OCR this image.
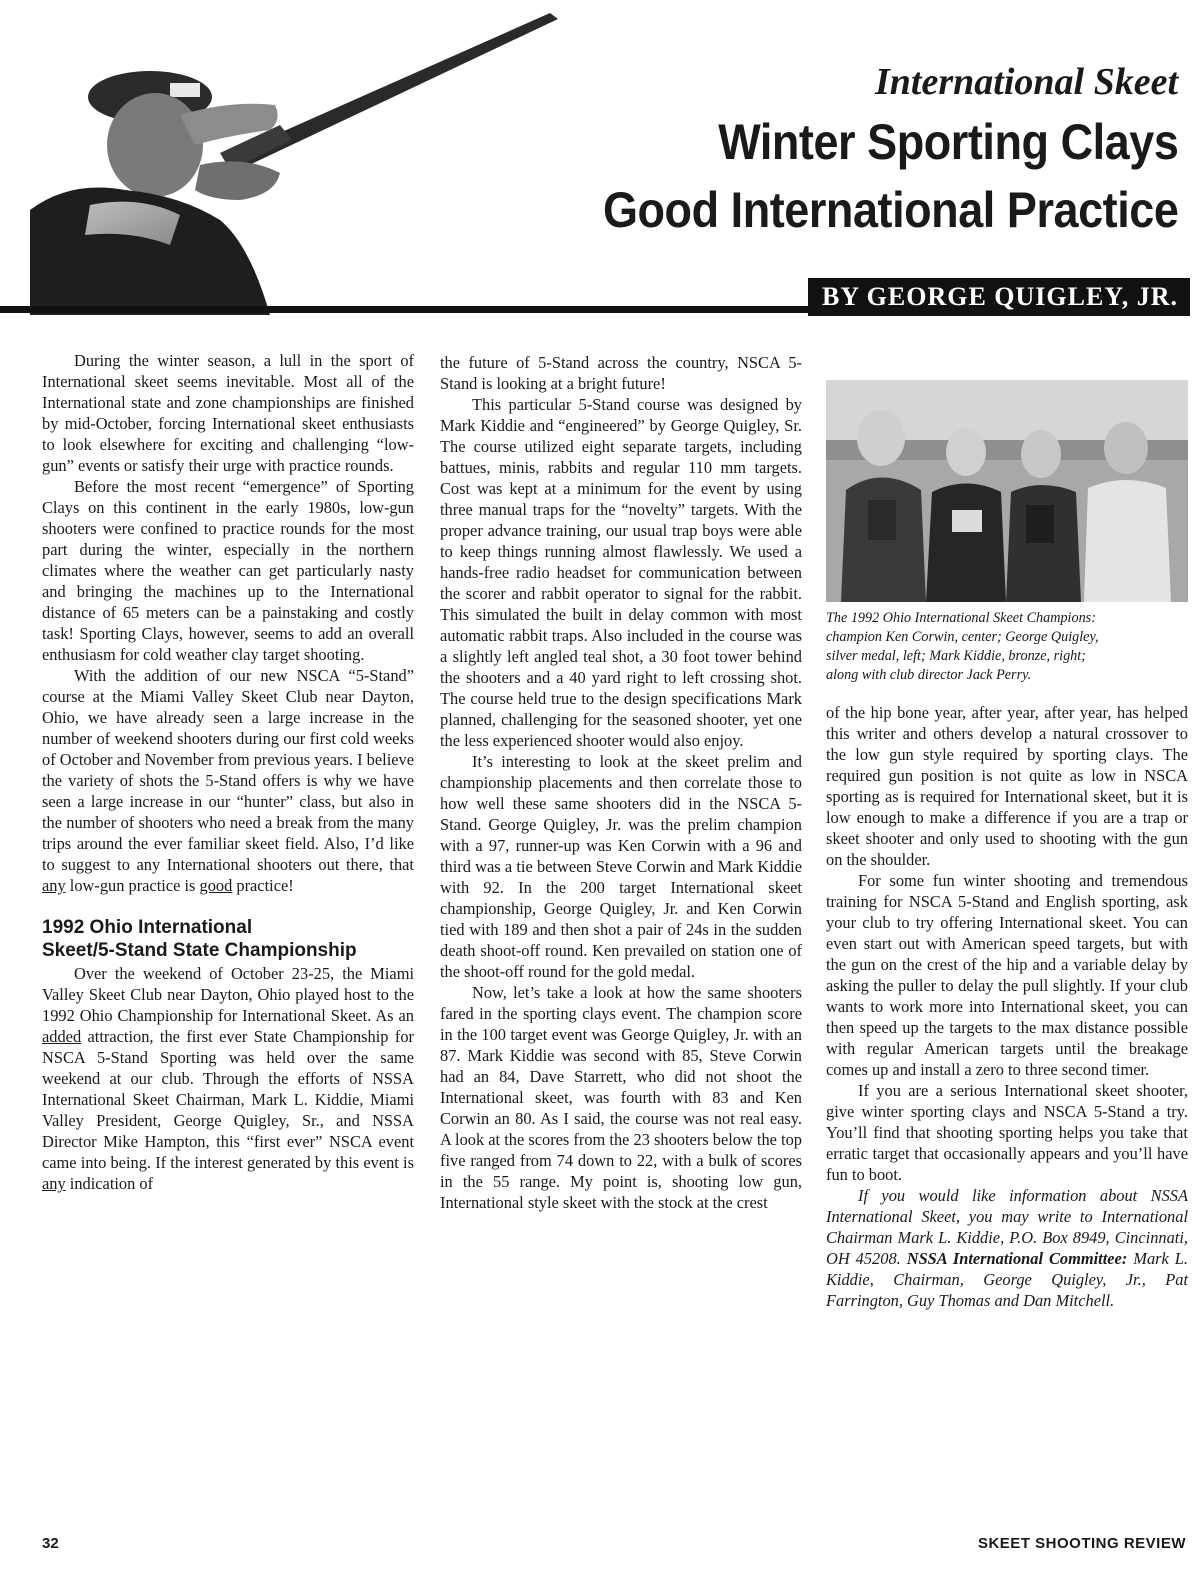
International Skeet

Winter Sporting Clays
Good International Practice
BY GEORGE QUIGLEY, JR.

During the winter season, a lull in the sport of International skeet seems inevitable. Most all of the International state and zone championships are finished by mid-October, forcing International skeet enthusiasts to look elsewhere for exciting and challenging “low-gun” events or satisfy their urge with practice rounds.

Before the most recent “emergence” of Sporting Clays on this continent in the early 1980s, low-gun shooters were confined to practice rounds for the most part during the winter, especially in the northern climates where the weather can get particularly nasty and bringing the machines up to the International distance of 65 meters can be a painstaking and costly task! Sporting Clays, however, seems to add an overall enthusiasm for cold weather clay target shooting.

With the addition of our new NSCA “5-Stand” course at the Miami Valley Skeet Club near Dayton, Ohio, we have already seen a large increase in the number of weekend shooters during our first cold weeks of October and November from previous years. I believe the variety of shots the 5-Stand offers is why we have seen a large increase in our “hunter” class, but also in the number of shooters who need a break from the many trips around the ever familiar skeet field. Also, I’d like to suggest to any International shooters out there, that any low-gun practice is good practice!

1992 Ohio International
Skeet/5-Stand State Championship

Over the weekend of October 23-25, the Miami Valley Skeet Club near Dayton, Ohio played host to the 1992 Ohio Championship for International Skeet. As an added attraction, the first ever State Championship for NSCA 5-Stand Sporting was held over the same weekend at our club. Through the efforts of NSSA International Skeet Chairman, Mark L. Kiddie, Miami Valley President, George Quigley, Sr., and NSSA Director Mike Hampton, this “first ever” NSCA event came into being. If the interest generated by this event is any indication of

the future of 5-Stand across the country, NSCA 5-Stand is looking at a bright future!

This particular 5-Stand course was designed by Mark Kiddie and “engineered” by George Quigley, Sr. The course utilized eight separate targets, including battues, minis, rabbits and regular 110 mm targets. Cost was kept at a minimum for the event by using three manual traps for the “novelty” targets. With the proper advance training, our usual trap boys were able to keep things running almost flawlessly. We used a hands-free radio headset for communication between the scorer and rabbit operator to signal for the rabbit. This simulated the built in delay common with most automatic rabbit traps. Also included in the course was a slightly left angled teal shot, a 30 foot tower behind the shooters and a 40 yard right to left crossing shot. The course held true to the design specifications Mark planned, challenging for the seasoned shooter, yet one the less experienced shooter would also enjoy.

It’s interesting to look at the skeet prelim and championship placements and then correlate those to how well these same shooters did in the NSCA 5-Stand. George Quigley, Jr. was the prelim champion with a 97, runner-up was Ken Corwin with a 96 and third was a tie between Steve Corwin and Mark Kiddie with 92. In the 200 target International skeet championship, George Quigley, Jr. and Ken Corwin tied with 189 and then shot a pair of 24s in the sudden death shoot-off round. Ken prevailed on station one of the shoot-off round for the gold medal.

Now, let’s take a look at how the same shooters fared in the sporting clays event. The champion score in the 100 target event was George Quigley, Jr. with an 87. Mark Kiddie was second with 85, Steve Corwin had an 84, Dave Starrett, who did not shoot the International skeet, was fourth with 83 and Ken Corwin an 80. As I said, the course was not real easy. A look at the scores from the 23 shooters below the top five ranged from 74 down to 22, with a bulk of scores in the 55 range. My point is, shooting low gun, International style skeet with the stock at the crest

The 1992 Ohio International Skeet Champions:
champion Ken Corwin, center; George Quigley,
silver medal, left; Mark Kiddie, bronze, right;
along with club director Jack Perry.

of the hip bone year, after year, after year, has helped this writer and others develop a natural crossover to the low gun style required by sporting clays. The required gun position is not quite as low in NSCA sporting as is required for International skeet, but it is low enough to make a difference if you are a trap or skeet shooter and only used to shooting with the gun on the shoulder.

For some fun winter shooting and tremendous training for NSCA 5-Stand and English sporting, ask your club to try offering International skeet. You can even start out with American speed targets, but with the gun on the crest of the hip and a variable delay by asking the puller to delay the pull slightly. If your club wants to work more into International skeet, you can then speed up the targets to the max distance possible with regular American targets until the breakage comes up and install a zero to three second timer.

If you are a serious International skeet shooter, give winter sporting clays and NSCA 5-Stand a try. You’ll find that shooting sporting helps you take that erratic target that occasionally appears and you’ll have fun to boot.

If you would like information about NSSA International Skeet, you may write to International Chairman Mark L. Kiddie, P.O. Box 8949, Cincinnati, OH 45208. NSSA International Committee: Mark L. Kiddie, Chairman, George Quigley, Jr., Pat Farrington, Guy Thomas and Dan Mitchell.

32	SKEET SHOOTING REVIEW
